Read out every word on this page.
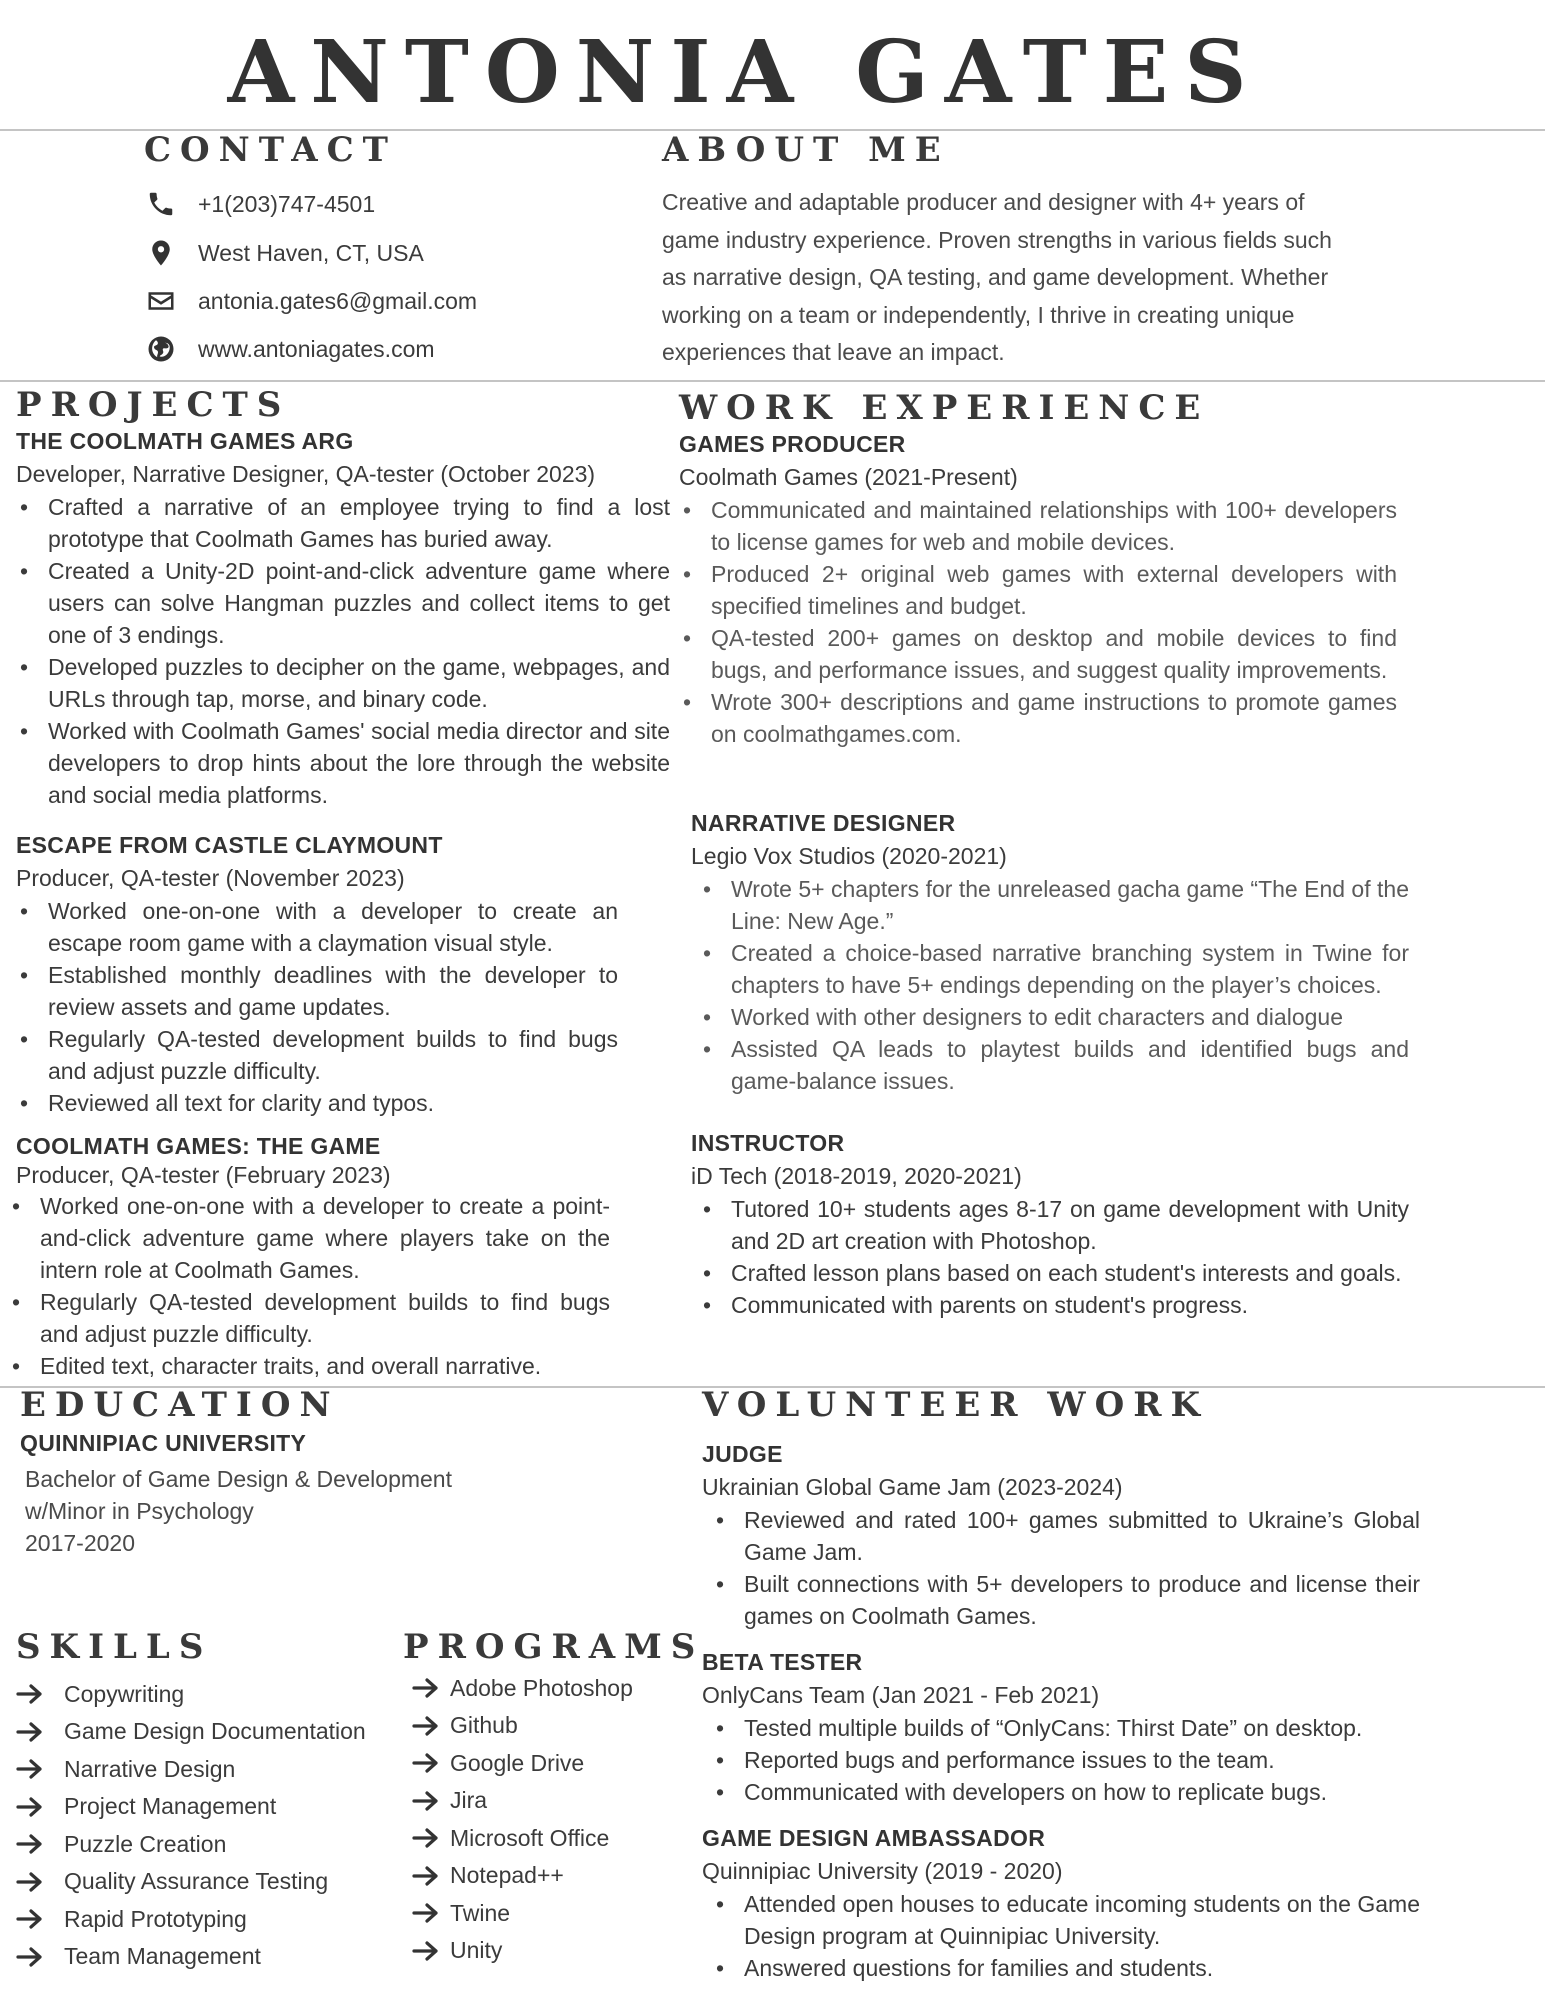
ANTONIA GATES
CONTACT
+1(203)747-4501
West Haven, CT, USA
antonia.gates6@gmail.com
www.antoniagates.com
ABOUT ME
Creative and adaptable producer and designer with 4+ years of game industry experience. Proven strengths in various fields such as narrative design, QA testing, and game development. Whether working on a team or independently, I thrive in creating unique experiences that leave an impact.
PROJECTS
THE COOLMATH GAMES ARG
Developer, Narrative Designer, QA-tester (October 2023)
• Crafted a narrative of an employee trying to find a lost prototype that Coolmath Games has buried away.
• Created a Unity-2D point-and-click adventure game where users can solve Hangman puzzles and collect items to get one of 3 endings.
• Developed puzzles to decipher on the game, webpages, and URLs through tap, morse, and binary code.
• Worked with Coolmath Games' social media director and site developers to drop hints about the lore through the website and social media platforms.
ESCAPE FROM CASTLE CLAYMOUNT
Producer, QA-tester (November 2023)
• Worked one-on-one with a developer to create an escape room game with a claymation visual style.
• Established monthly deadlines with the developer to review assets and game updates.
• Regularly QA-tested development builds to find bugs and adjust puzzle difficulty.
• Reviewed all text for clarity and typos.
COOLMATH GAMES: THE GAME
Producer, QA-tester (February 2023)
• Worked one-on-one with a developer to create a point-and-click adventure game where players take on the intern role at Coolmath Games.
• Regularly QA-tested development builds to find bugs and adjust puzzle difficulty.
• Edited text, character traits, and overall narrative.
WORK EXPERIENCE
GAMES PRODUCER
Coolmath Games (2021-Present)
• Communicated and maintained relationships with 100+ developers to license games for web and mobile devices.
• Produced 2+ original web games with external developers with specified timelines and budget.
• QA-tested 200+ games on desktop and mobile devices to find bugs, and performance issues, and suggest quality improvements.
• Wrote 300+ descriptions and game instructions to promote games on coolmathgames.com.
NARRATIVE DESIGNER
Legio Vox Studios (2020-2021)
• Wrote 5+ chapters for the unreleased gacha game “The End of the Line: New Age.”
• Created a choice-based narrative branching system in Twine for chapters to have 5+ endings depending on the player’s choices.
• Worked with other designers to edit characters and dialogue
• Assisted QA leads to playtest builds and identified bugs and game-balance issues.
INSTRUCTOR
iD Tech (2018-2019, 2020-2021)
• Tutored 10+ students ages 8-17 on game development with Unity and 2D art creation with Photoshop.
• Crafted lesson plans based on each student's interests and goals.
• Communicated with parents on student's progress.
EDUCATION
QUINNIPIAC UNIVERSITY
Bachelor of Game Design & Development
w/Minor in Psychology
2017-2020
SKILLS
Copywriting
Game Design Documentation
Narrative Design
Project Management
Puzzle Creation
Quality Assurance Testing
Rapid Prototyping
Team Management
PROGRAMS
Adobe Photoshop
Github
Google Drive
Jira
Microsoft Office
Notepad++
Twine
Unity
VOLUNTEER WORK
JUDGE
Ukrainian Global Game Jam (2023-2024)
• Reviewed and rated 100+ games submitted to Ukraine’s Global Game Jam.
• Built connections with 5+ developers to produce and license their games on Coolmath Games.
BETA TESTER
OnlyCans Team (Jan 2021 - Feb 2021)
• Tested multiple builds of “OnlyCans: Thirst Date” on desktop.
• Reported bugs and performance issues to the team.
• Communicated with developers on how to replicate bugs.
GAME DESIGN AMBASSADOR
Quinnipiac University (2019 - 2020)
• Attended open houses to educate incoming students on the Game Design program at Quinnipiac University.
• Answered questions for families and students.
